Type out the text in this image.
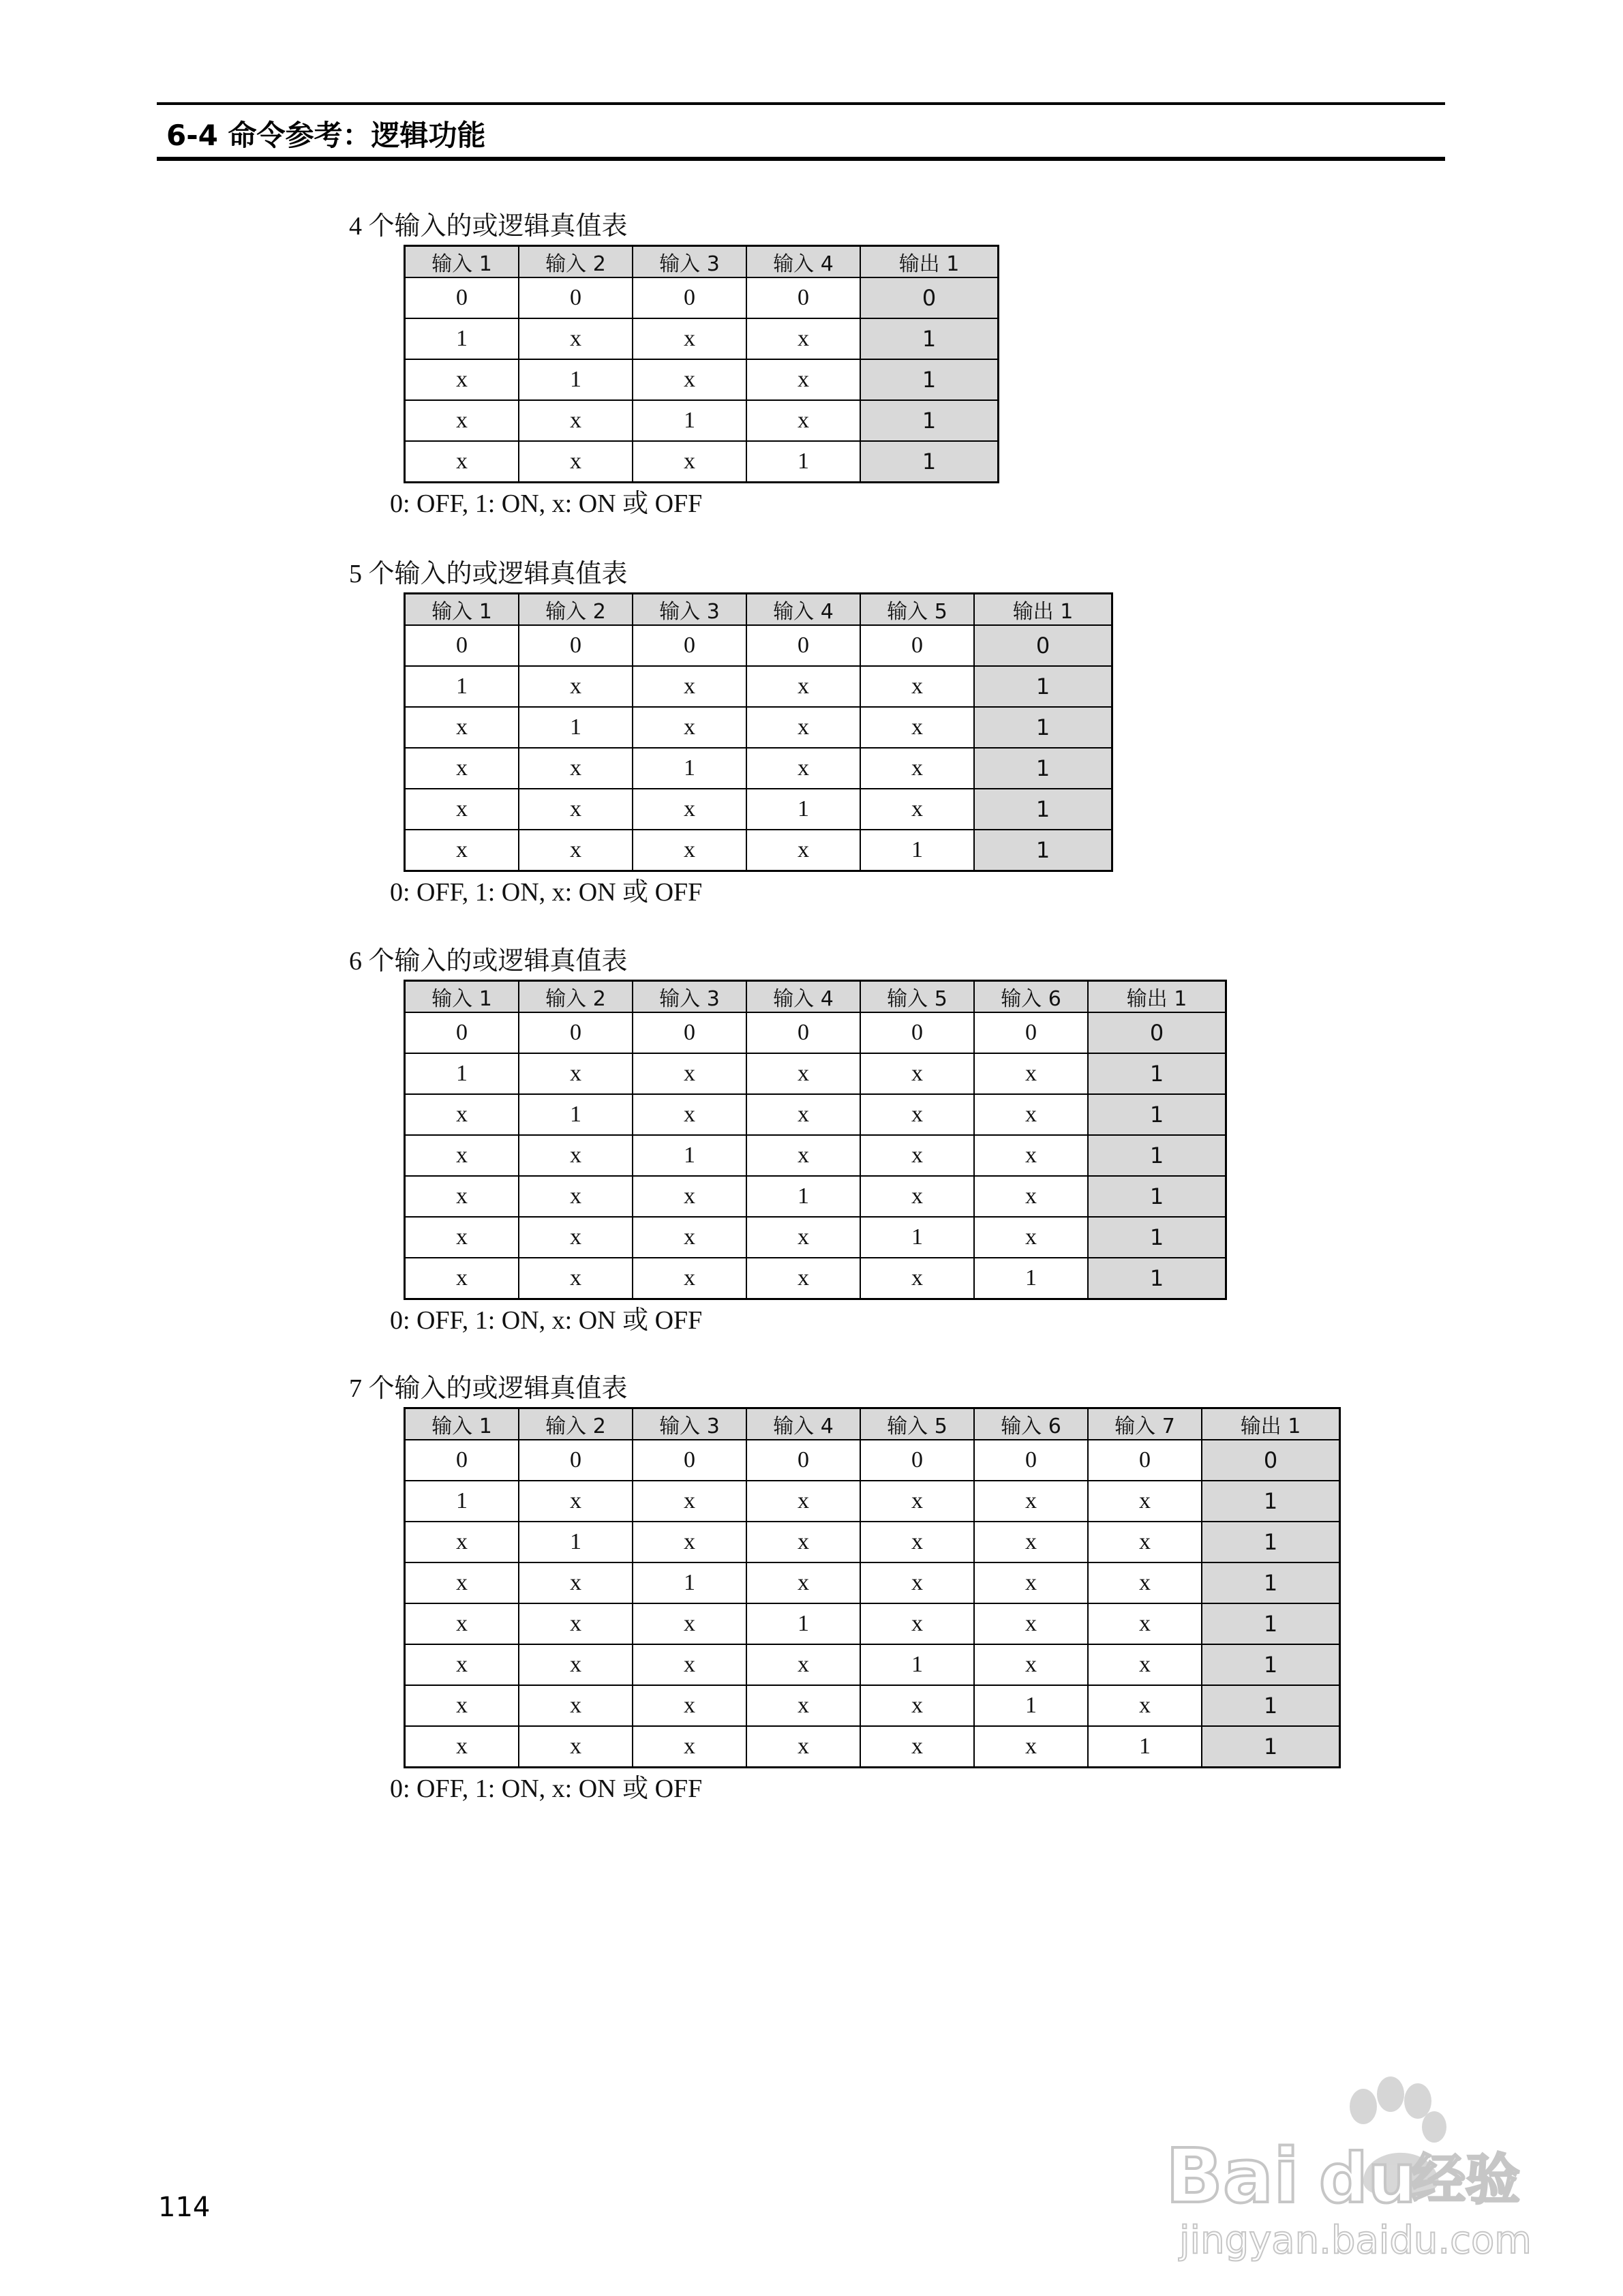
6-4 命令参考：逻辑功能
4 个输入的或逻辑真值表
输入 1	输入 2	输入 3	输入 4	输出 1
0	0	0	0	0
1	x	x	x	1
x	1	x	x	1
x	x	1	x	1
x	x	x	1	1
0: OFF, 1: ON, x: ON 或 OFF
5 个输入的或逻辑真值表
输入 1	输入 2	输入 3	输入 4	输入 5	输出 1
0	0	0	0	0	0
1	x	x	x	x	1
x	1	x	x	x	1
x	x	1	x	x	1
x	x	x	1	x	1
x	x	x	x	1	1
0: OFF, 1: ON, x: ON 或 OFF
6 个输入的或逻辑真值表
输入 1	输入 2	输入 3	输入 4	输入 5	输入 6	输出 1
0	0	0	0	0	0	0
1	x	x	x	x	x	1
x	1	x	x	x	x	1
x	x	1	x	x	x	1
x	x	x	1	x	x	1
x	x	x	x	1	x	1
x	x	x	x	x	1	1
0: OFF, 1: ON, x: ON 或 OFF
7 个输入的或逻辑真值表
输入 1	输入 2	输入 3	输入 4	输入 5	输入 6	输入 7	输出 1
0	0	0	0	0	0	0	0
1	x	x	x	x	x	x	1
x	1	x	x	x	x	x	1
x	x	1	x	x	x	x	1
x	x	x	1	x	x	x	1
x	x	x	x	1	x	x	1
x	x	x	x	x	1	x	1
x	x	x	x	x	x	1	1
0: OFF, 1: ON, x: ON 或 OFF
114	Bai du
经验
jingyan.baidu.com
